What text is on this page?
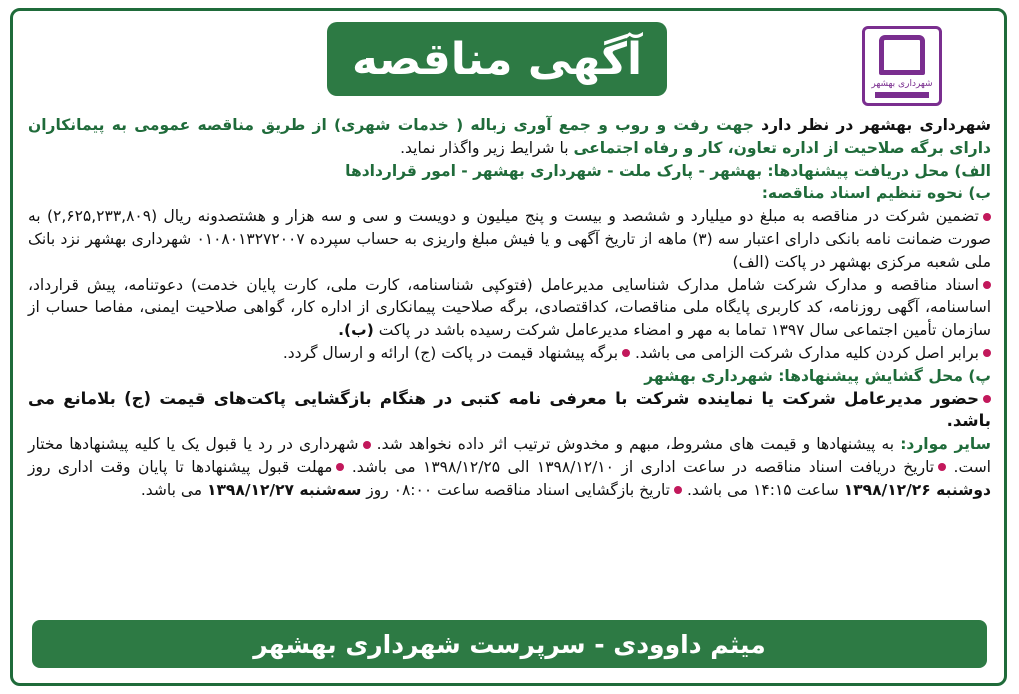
شهرداری بهشهر
آگهی مناقصه

شهرداری بهشهر در نظر دارد جهت رفت و روب و جمع آوری زباله ( خدمات شهری) از طریق مناقصه عمومی به پیمانکاران دارای برگه صلاحیت از اداره تعاون، کار و رفاه اجتماعی با شرایط زیر واگذار نماید.

الف) محل دریافت پیشنهادها: بهشهر - پارک ملت - شهرداری بهشهر - امور قراردادها

ب) نحوه تنظیم اسناد مناقصه:

تضمین شرکت در مناقصه به مبلغ دو میلیارد و ششصد و بیست و پنج میلیون و دویست و سی و سه هزار و هشتصدونه ریال (۲,۶۲۵,۲۳۳,۸۰۹) به صورت ضمانت نامه بانکی دارای اعتبار سه (۳) ماهه از تاریخ آگهی و یا فیش مبلغ واریزی به حساب سپرده ۰۱۰۸۰۱۳۲۷۲۰۰۷ شهرداری بهشهر نزد بانک ملی شعبه مرکزی بهشهر در پاکت (الف)

اسناد مناقصه و مدارک شرکت شامل مدارک شناسایی مدیرعامل (فتوکپی شناسنامه، کارت ملی، کارت پایان خدمت) دعوتنامه، پیش قرارداد، اساسنامه، آگهی روزنامه، کد کاربری پایگاه ملی مناقصات، کداقتصادی، برگه صلاحیت پیمانکاری از اداره کار، گواهی صلاحیت ایمنی، مفاصا حساب از سازمان تأمین اجتماعی سال ۱۳۹۷ تماما به مهر و امضاء مدیرعامل شرکت رسیده باشد در پاکت (ب).

برابر اصل کردن کلیه مدارک شرکت الزامی می باشد. برگه پیشنهاد قیمت در پاکت (ج) ارائه و ارسال گردد.

پ) محل گشایش پیشنهادها: شهرداری بهشهر

حضور مدیرعامل شرکت یا نماینده شرکت با معرفی نامه کتبی در هنگام بازگشایی پاکت‌های قیمت (ج) بلامانع می باشد.

سایر موارد: به پیشنهادها و قیمت های مشروط، مبهم و مخدوش ترتیب اثر داده نخواهد شد. شهرداری در رد یا قبول یک یا کلیه پیشنهادها مختار است. تاریخ دریافت اسناد مناقصه در ساعت اداری از ۱۳۹۸/۱۲/۱۰ الی ۱۳۹۸/۱۲/۲۵ می باشد. مهلت قبول پیشنهادها تا پایان وقت اداری روز دوشنبه ۱۳۹۸/۱۲/۲۶ ساعت ۱۴:۱۵ می باشد. تاریخ بازگشایی اسناد مناقصه ساعت ۰۸:۰۰ روز سه‌شنبه ۱۳۹۸/۱۲/۲۷ می باشد.

میثم داوودی - سرپرست شهرداری بهشهر
